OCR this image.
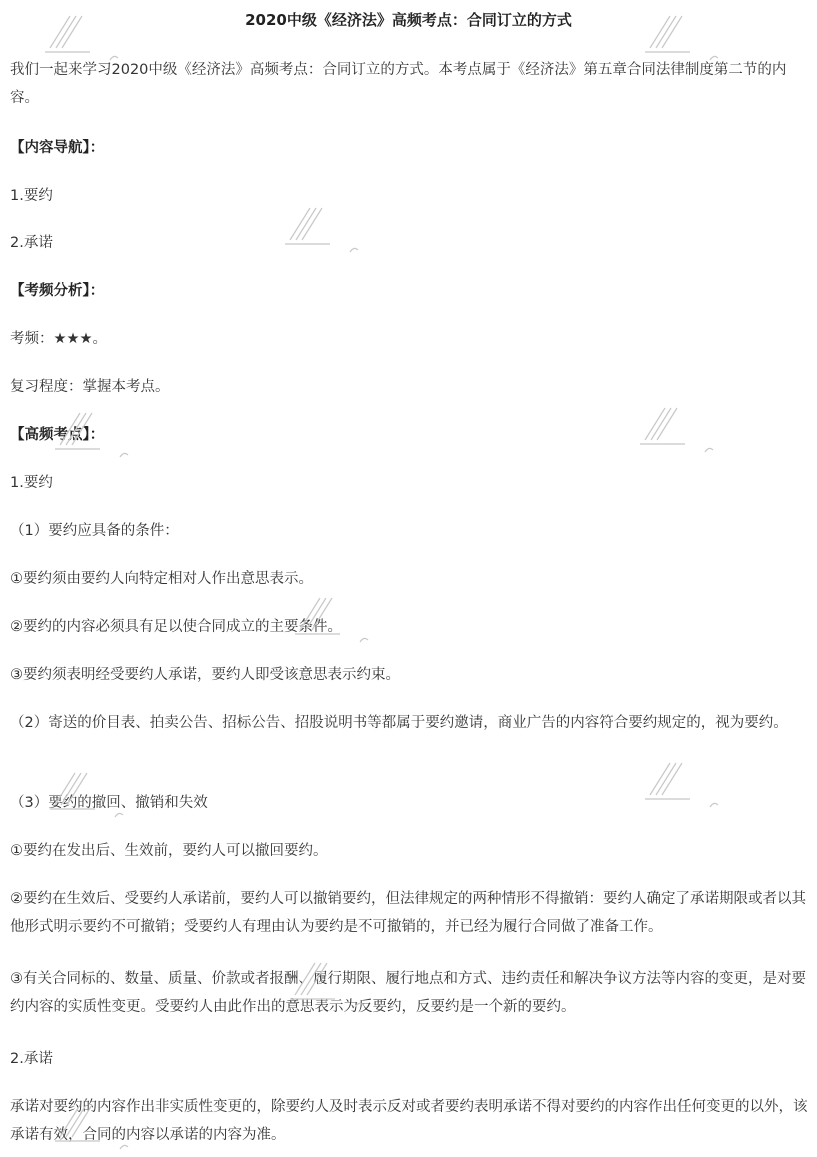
2020中级《经济法》高频考点：合同订立的方式
我们一起来学习2020中级《经济法》高频考点：合同订立的方式。本考点属于《经济法》第五章合同法律制度第二节的内容。
【内容导航】：
1.要约
2.承诺
【考频分析】：
考频：★★★。
复习程度：掌握本考点。
【高频考点】：
1.要约
（1）要约应具备的条件：
①要约须由要约人向特定相对人作出意思表示。
②要约的内容必须具有足以使合同成立的主要条件。
③要约须表明经受要约人承诺，要约人即受该意思表示约束。
（2）寄送的价目表、拍卖公告、招标公告、招股说明书等都属于要约邀请，商业广告的内容符合要约规定的，视为要约。
（3）要约的撤回、撤销和失效
①要约在发出后、生效前，要约人可以撤回要约。
②要约在生效后、受要约人承诺前，要约人可以撤销要约，但法律规定的两种情形不得撤销：要约人确定了承诺期限或者以其他形式明示要约不可撤销；受要约人有理由认为要约是不可撤销的，并已经为履行合同做了准备工作。
③有关合同标的、数量、质量、价款或者报酬、履行期限、履行地点和方式、违约责任和解决争议方法等内容的变更，是对要约内容的实质性变更。受要约人由此作出的意思表示为反要约，反要约是一个新的要约。
2.承诺
承诺对要约的内容作出非实质性变更的，除要约人及时表示反对或者要约表明承诺不得对要约的内容作出任何变更的以外，该承诺有效，合同的内容以承诺的内容为准。
